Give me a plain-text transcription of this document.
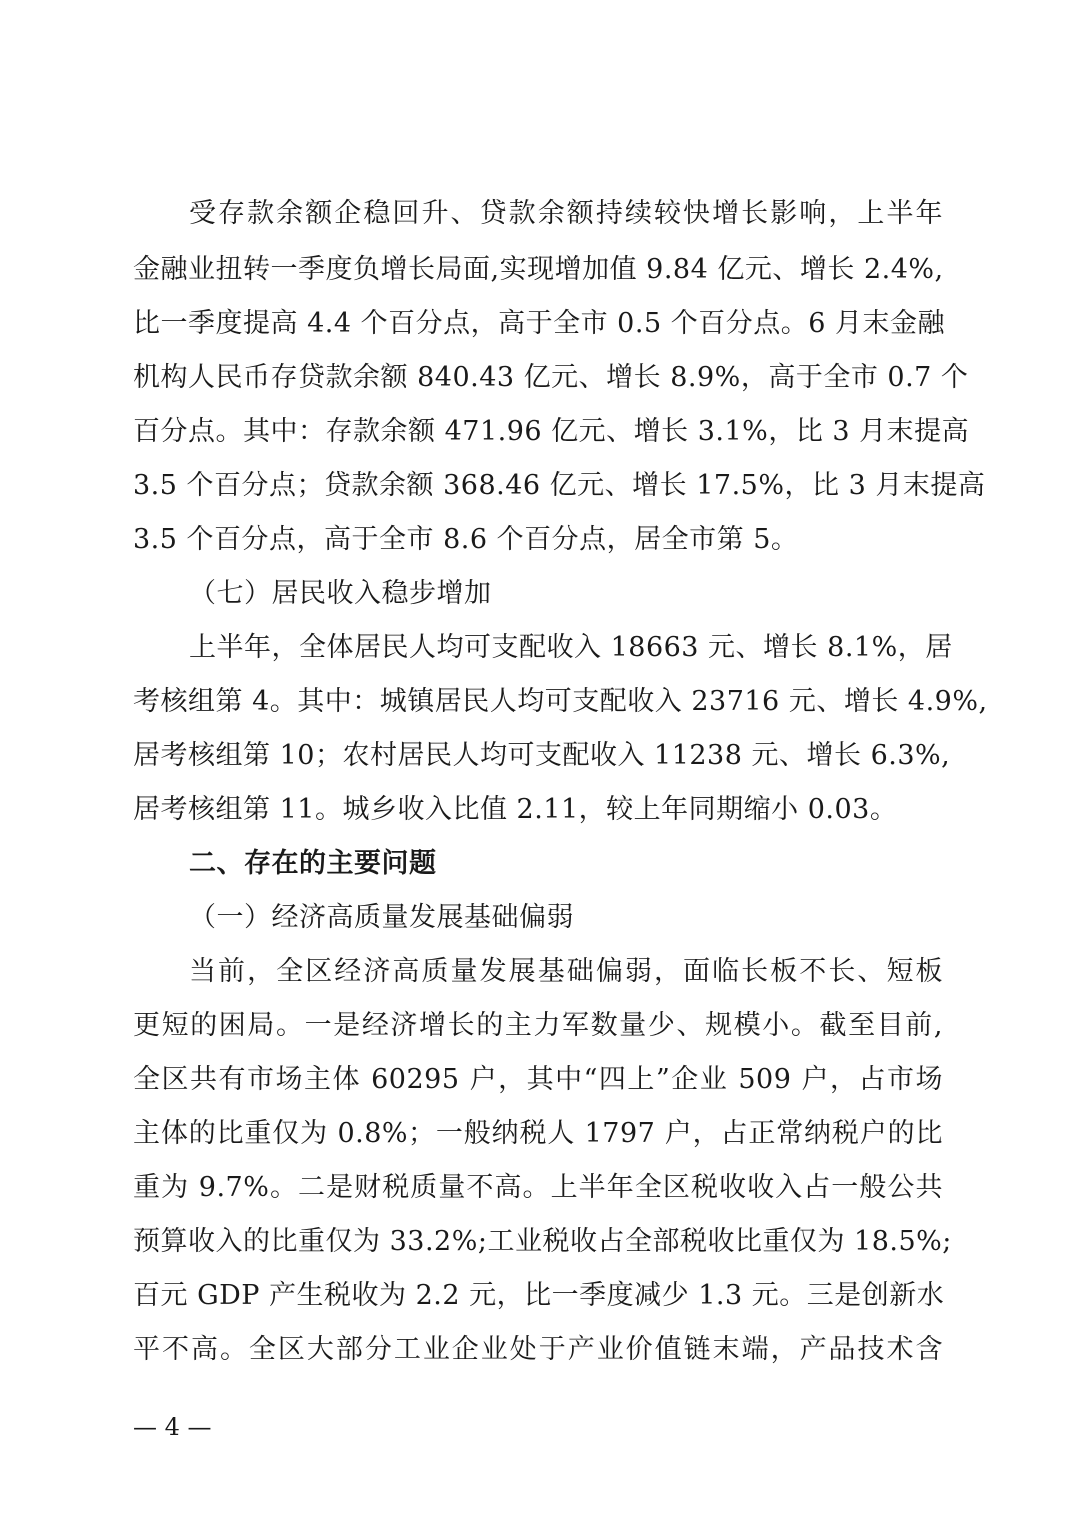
受存款余额企稳回升、贷款余额持续较快增长影响，上半年
金融业扭转一季度负增长局面,实现增加值 9.84 亿元、增长 2.4%,
比一季度提高 4.4 个百分点，高于全市 0.5 个百分点。6 月末金融
机构人民币存贷款余额 840.43 亿元、增长 8.9%，高于全市 0.7 个
百分点。其中：存款余额 471.96 亿元、增长 3.1%，比 3 月末提高
3.5 个百分点；贷款余额 368.46 亿元、增长 17.5%，比 3 月末提高
3.5 个百分点，高于全市 8.6 个百分点，居全市第 5。
（七）居民收入稳步增加
上半年，全体居民人均可支配收入 18663 元、增长 8.1%，居
考核组第 4。其中：城镇居民人均可支配收入 23716 元、增长 4.9%,
居考核组第 10；农村居民人均可支配收入 11238 元、增长 6.3%,
居考核组第 11。城乡收入比值 2.11，较上年同期缩小 0.03。
二、存在的主要问题
（一）经济高质量发展基础偏弱
当前，全区经济高质量发展基础偏弱，面临长板不长、短板
更短的困局。一是经济增长的主力军数量少、规模小。截至目前,
全区共有市场主体 60295 户，其中“四上”企业 509 户，占市场
主体的比重仅为 0.8%；一般纳税人 1797 户，占正常纳税户的比
重为 9.7%。二是财税质量不高。上半年全区税收收入占一般公共
预算收入的比重仅为 33.2%;工业税收占全部税收比重仅为 18.5%;
百元 GDP 产生税收为 2.2 元，比一季度减少 1.3 元。三是创新水
平不高。全区大部分工业企业处于产业价值链末端，产品技术含
— 4 —
